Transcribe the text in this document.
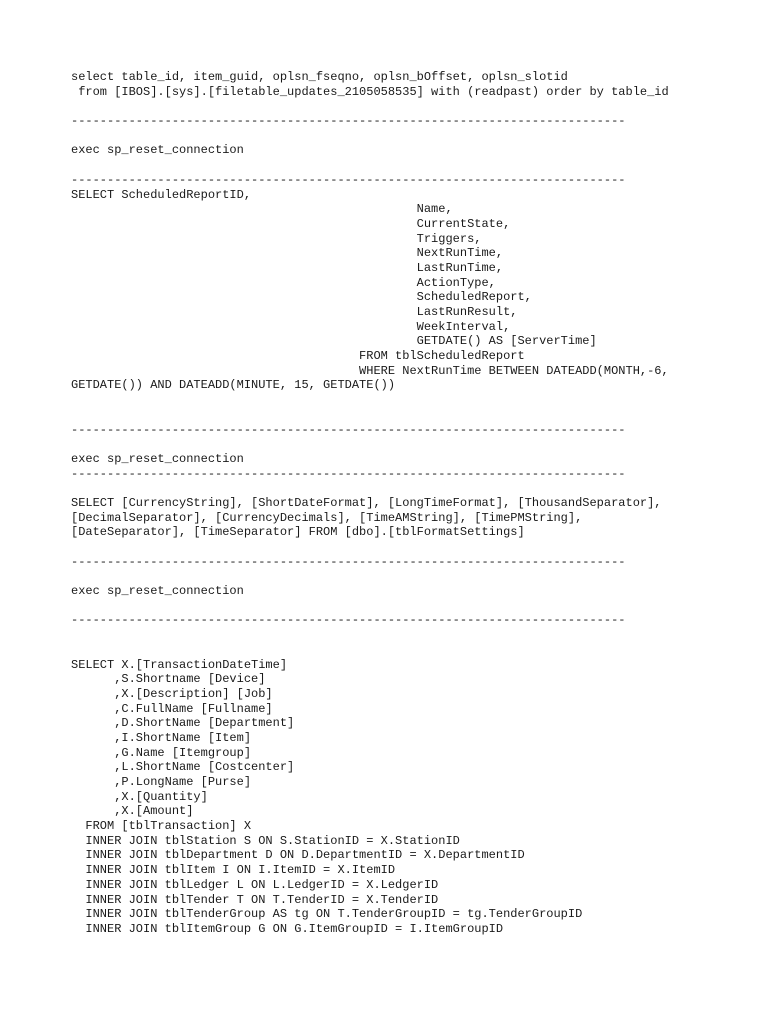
select table_id, item_guid, oplsn_fseqno, oplsn_bOffset, oplsn_slotid
from [IBOS].[sys].[filetable_updates_2105058535] with (readpast) order by table_id
-----------------------------------------------------------------------------
exec sp_reset_connection
-----------------------------------------------------------------------------
SELECT ScheduledReportID,
Name,
CurrentState,
Triggers,
NextRunTime,
LastRunTime,
ActionType,
ScheduledReport,
LastRunResult,
WeekInterval,
GETDATE() AS [ServerTime]
FROM tblScheduledReport
WHERE NextRunTime BETWEEN DATEADD(MONTH,-6,
GETDATE()) AND DATEADD(MINUTE, 15, GETDATE())
-----------------------------------------------------------------------------
exec sp_reset_connection
-----------------------------------------------------------------------------
SELECT [CurrencyString], [ShortDateFormat], [LongTimeFormat], [ThousandSeparator],
[DecimalSeparator], [CurrencyDecimals], [TimeAMString], [TimePMString],
[DateSeparator], [TimeSeparator] FROM [dbo].[tblFormatSettings]
-----------------------------------------------------------------------------
exec sp_reset_connection
-----------------------------------------------------------------------------
SELECT X.[TransactionDateTime]
,S.Shortname [Device]
,X.[Description] [Job]
,C.FullName [Fullname]
,D.ShortName [Department]
,I.ShortName [Item]
,G.Name [Itemgroup]
,L.ShortName [Costcenter]
,P.LongName [Purse]
,X.[Quantity]
,X.[Amount]
FROM [tblTransaction] X
INNER JOIN tblStation S ON S.StationID = X.StationID
INNER JOIN tblDepartment D ON D.DepartmentID = X.DepartmentID
INNER JOIN tblItem I ON I.ItemID = X.ItemID
INNER JOIN tblLedger L ON L.LedgerID = X.LedgerID
INNER JOIN tblTender T ON T.TenderID = X.TenderID
INNER JOIN tblTenderGroup AS tg ON T.TenderGroupID = tg.TenderGroupID
INNER JOIN tblItemGroup G ON G.ItemGroupID = I.ItemGroupID
